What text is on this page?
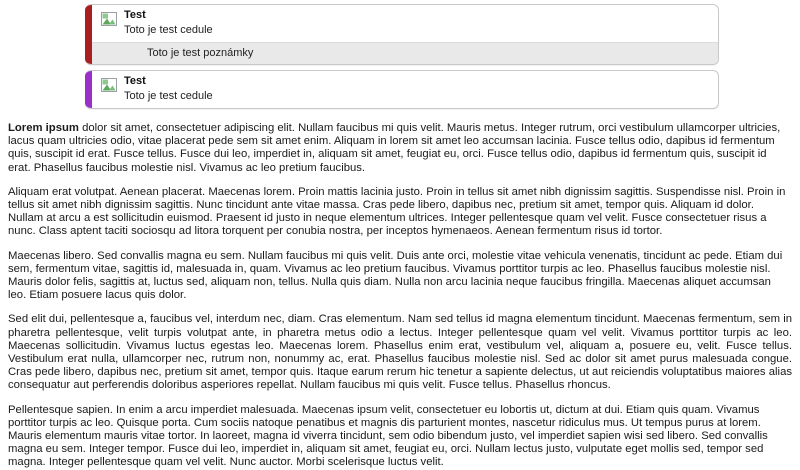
Test
Toto je test cedule
Toto je test poznámky
Test
Toto je test cedule

Lorem ipsum dolor sit amet, consectetuer adipiscing elit. Nullam faucibus mi quis velit. Mauris metus. Integer rutrum, orci vestibulum ullamcorper ultricies, lacus quam ultricies odio, vitae placerat pede sem sit amet enim. Aliquam in lorem sit amet leo accumsan lacinia. Fusce tellus odio, dapibus id fermentum quis, suscipit id erat. Fusce tellus. Fusce dui leo, imperdiet in, aliquam sit amet, feugiat eu, orci. Fusce tellus odio, dapibus id fermentum quis, suscipit id erat. Phasellus faucibus molestie nisl. Vivamus ac leo pretium faucibus.

Aliquam erat volutpat. Aenean placerat. Maecenas lorem. Proin mattis lacinia justo. Proin in tellus sit amet nibh dignissim sagittis. Suspendisse nisl. Proin in tellus sit amet nibh dignissim sagittis. Nunc tincidunt ante vitae massa. Cras pede libero, dapibus nec, pretium sit amet, tempor quis. Aliquam id dolor. Nullam at arcu a est sollicitudin euismod. Praesent id justo in neque elementum ultrices. Integer pellentesque quam vel velit. Fusce consectetuer risus a nunc. Class aptent taciti sociosqu ad litora torquent per conubia nostra, per inceptos hymenaeos. Aenean fermentum risus id tortor.

Maecenas libero. Sed convallis magna eu sem. Nullam faucibus mi quis velit. Duis ante orci, molestie vitae vehicula venenatis, tincidunt ac pede. Etiam dui sem, fermentum vitae, sagittis id, malesuada in, quam. Vivamus ac leo pretium faucibus. Vivamus porttitor turpis ac leo. Phasellus faucibus molestie nisl. Mauris dolor felis, sagittis at, luctus sed, aliquam non, tellus. Nulla quis diam. Nulla non arcu lacinia neque faucibus fringilla. Maecenas aliquet accumsan leo. Etiam posuere lacus quis dolor.

Sed elit dui, pellentesque a, faucibus vel, interdum nec, diam. Cras elementum. Nam sed tellus id magna elementum tincidunt. Maecenas fermentum, sem in pharetra pellentesque, velit turpis volutpat ante, in pharetra metus odio a lectus. Integer pellentesque quam vel velit. Vivamus porttitor turpis ac leo. Maecenas sollicitudin. Vivamus luctus egestas leo. Maecenas lorem. Phasellus enim erat, vestibulum vel, aliquam a, posuere eu, velit. Fusce tellus. Vestibulum erat nulla, ullamcorper nec, rutrum non, nonummy ac, erat. Phasellus faucibus molestie nisl. Sed ac dolor sit amet purus malesuada congue. Cras pede libero, dapibus nec, pretium sit amet, tempor quis. Itaque earum rerum hic tenetur a sapiente delectus, ut aut reiciendis voluptatibus maiores alias consequatur aut perferendis doloribus asperiores repellat. Nullam faucibus mi quis velit. Fusce tellus. Phasellus rhoncus.

Pellentesque sapien. In enim a arcu imperdiet malesuada. Maecenas ipsum velit, consectetuer eu lobortis ut, dictum at dui. Etiam quis quam. Vivamus porttitor turpis ac leo. Quisque porta. Cum sociis natoque penatibus et magnis dis parturient montes, nascetur ridiculus mus. Ut tempus purus at lorem. Mauris elementum mauris vitae tortor. In laoreet, magna id viverra tincidunt, sem odio bibendum justo, vel imperdiet sapien wisi sed libero. Sed convallis magna eu sem. Integer tempor. Fusce dui leo, imperdiet in, aliquam sit amet, feugiat eu, orci. Nullam lectus justo, vulputate eget mollis sed, tempor sed magna. Integer pellentesque quam vel velit. Nunc auctor. Morbi scelerisque luctus velit.
